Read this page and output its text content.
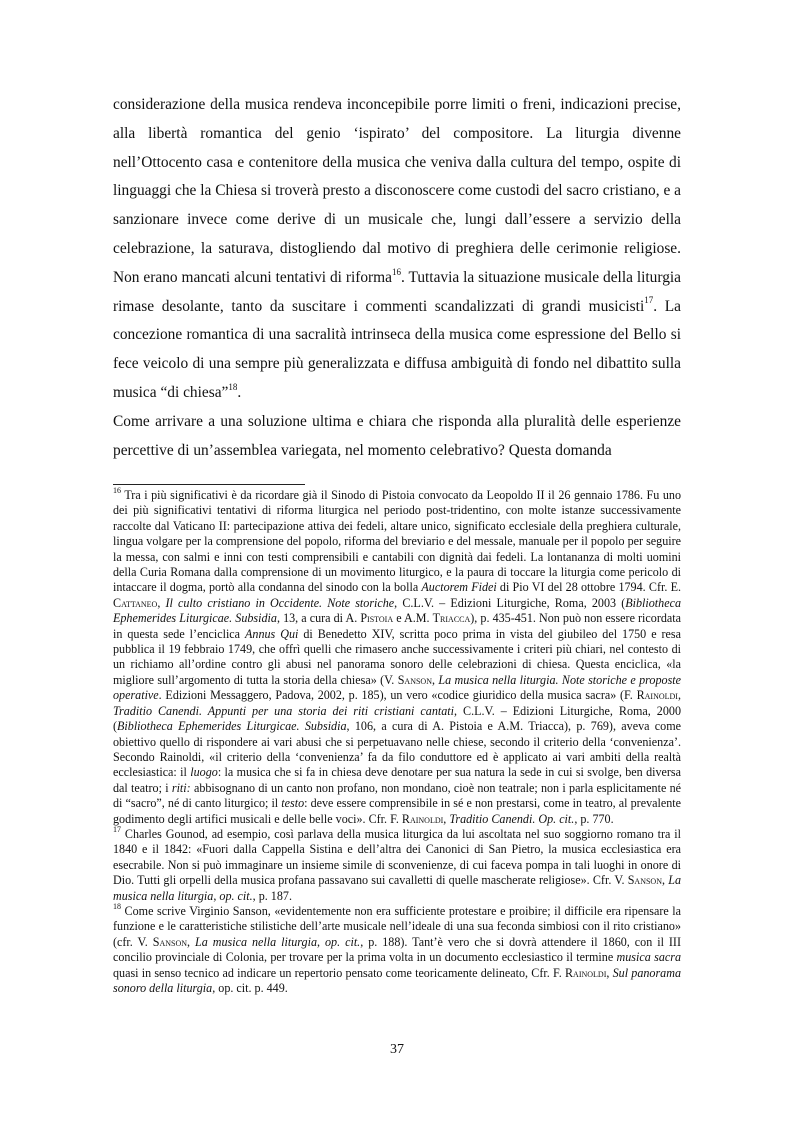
considerazione della musica rendeva inconcepibile porre limiti o freni, indicazioni precise, alla libertà romantica del genio ‘ispirato’ del compositore. La liturgia divenne nell’Ottocento casa e contenitore della musica che veniva dalla cultura del tempo, ospite di linguaggi che la Chiesa si troverà presto a disconoscere come custodi del sacro cristiano, e a sanzionare invece come derive di un musicale che, lungi dall’essere a servizio della celebrazione, la saturava, distogliendo dal motivo di preghiera delle cerimonie religiose. Non erano mancati alcuni tentativi di riforma$^{16}$. Tuttavia la situazione musicale della liturgia rimase desolante, tanto da suscitare i commenti scandalizzati di grandi musicisti$^{17}$. La concezione romantica di una sacralità intrinseca della musica come espressione del Bello si fece veicolo di una sempre più generalizzata e diffusa ambiguità di fondo nel dibattito sulla musica “di chiesa”$^{18}$.

Come arrivare a una soluzione ultima e chiara che risponda alla pluralità delle esperienze percettive di un’assemblea variegata, nel momento celebrativo? Questa domanda

$^{16}$ Tra i più significativi è da ricordare già il Sinodo di Pistoia convocato da Leopoldo II il 26 gennaio 1786. Fu uno dei più significativi tentativi di riforma liturgica nel periodo post-tridentino, con molte istanze successivamente raccolte dal Vaticano II: partecipazione attiva dei fedeli, altare unico, significato ecclesiale della preghiera culturale, lingua volgare per la comprensione del popolo, riforma del breviario e del messale, manuale per il popolo per seguire la messa, con salmi e inni con testi comprensibili e cantabili con dignità dai fedeli. La lontananza di molti uomini della Curia Romana dalla comprensione di un movimento liturgico, e la paura di toccare la liturgia come pericolo di intaccare il dogma, portò alla condanna del sinodo con la bolla Auctorem Fidei di Pio VI del 28 ottobre 1794. Cfr. E. Cattaneo, Il culto cristiano in Occidente. Note storiche, C.L.V. – Edizioni Liturgiche, Roma, 2003 (Bibliotheca Ephemerides Liturgicae. Subsidia, 13, a cura di A. Pistoia e A.M. Triacca), p. 435-451. Non può non essere ricordata in questa sede l’enciclica Annus Qui di Benedetto XIV, scritta poco prima in vista del giubileo del 1750 e resa pubblica il 19 febbraio 1749, che offrì quelli che rimasero anche successivamente i criteri più chiari, nel contesto di un richiamo all’ordine contro gli abusi nel panorama sonoro delle celebrazioni di chiesa. Questa enciclica, «la migliore sull’argomento di tutta la storia della chiesa» (V. Sanson, La musica nella liturgia. Note storiche e proposte operative. Edizioni Messaggero, Padova, 2002, p. 185), un vero «codice giuridico della musica sacra» (F. Rainoldi, Traditio Canendi. Appunti per una storia dei riti cristiani cantati, C.L.V. – Edizioni Liturgiche, Roma, 2000 (Bibliotheca Ephemerides Liturgicae. Subsidia, 106, a cura di A. Pistoia e A.M. Triacca), p. 769), aveva come obiettivo quello di rispondere ai vari abusi che si perpetuavano nelle chiese, secondo il criterio della ‘convenienza’. Secondo Rainoldi, «il criterio della ‘convenienza’ fa da filo conduttore ed è applicato ai vari ambiti della realtà ecclesiastica: il luogo: la musica che si fa in chiesa deve denotare per sua natura la sede in cui si svolge, ben diversa dal teatro; i riti: abbisognano di un canto non profano, non mondano, cioè non teatrale; non i parla esplicitamente né di “sacro”, né di canto liturgico; il testo: deve essere comprensibile in sé e non prestarsi, come in teatro, al prevalente godimento degli artifici musicali e delle belle voci». Cfr. F. Rainoldi, Traditio Canendi. Op. cit., p. 770.

$^{17}$ Charles Gounod, ad esempio, così parlava della musica liturgica da lui ascoltata nel suo soggiorno romano tra il 1840 e il 1842: «Fuori dalla Cappella Sistina e dell’altra dei Canonici di San Pietro, la musica ecclesiastica era esecrabile. Non si può immaginare un insieme simile di sconvenienze, di cui faceva pompa in tali luoghi in onore di Dio. Tutti gli orpelli della musica profana passavano sui cavalletti di quelle mascherate religiose». Cfr. V. Sanson, La musica nella liturgia, op. cit., p. 187.

$^{18}$ Come scrive Virginio Sanson, «evidentemente non era sufficiente protestare e proibire; il difficile era ripensare la funzione e le caratteristiche stilistiche dell’arte musicale nell’ideale di una sua feconda simbiosi con il rito cristiano» (cfr. V. Sanson, La musica nella liturgia, op. cit., p. 188). Tant’è vero che si dovrà attendere il 1860, con il III concilio provinciale di Colonia, per trovare per la prima volta in un documento ecclesiastico il termine musica sacra quasi in senso tecnico ad indicare un repertorio pensato come teoricamente delineato, Cfr. F. Rainoldi, Sul panorama sonoro della liturgia, op. cit. p. 449.

37
